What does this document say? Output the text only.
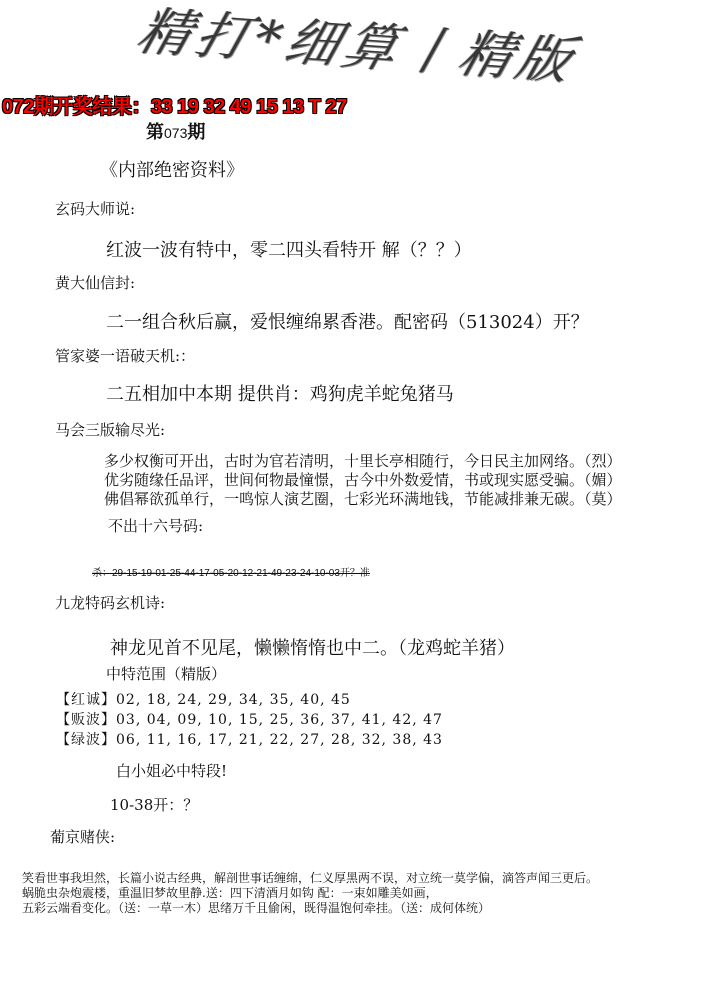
精打*细算丨精版
072期开奖结果：33 19 32 49 15 13 T 27
第073期
《内部绝密资料》
玄码大师说:
红波一波有特中，零二四头看特开 解（？？）
黄大仙信封:
二一组合秋后赢，爱恨缠绵累香港。配密码（513024）开？
管家婆一语破天机:：
二五相加中本期 提供肖：鸡狗虎羊蛇兔猪马
马会三版输尽光:
多少权衡可开出，古时为官若清明，十里长亭相随行，今日民主加网络。（烈）
优劣随缘任品评，世间何物最憧憬，古今中外数爱情，书或现实愿受骗。（媚）
佛倡幂欲孤单行，一鸣惊人演艺圈，七彩光环满地钱，节能减排兼无碳。（莫）
不出十六号码:
杀：29-15-19-01-25-44-17-05-20-12-21-49-23-24-10-03开？准
九龙特码玄机诗:
神龙见首不见尾，懒懒惰惰也中二。（龙鸡蛇羊猪）
中特范围（精版）
【红诚】02, 18, 24, 29, 34, 35, 40, 45
【贩波】03, 04, 09, 10, 15, 25, 36, 37, 41, 42, 47
【绿波】06, 11, 16, 17, 21, 22, 27, 28, 32, 38, 43
白小姐必中特段!
10-38开：？
葡京赌侠:
笑看世事我坦然，长篇小说古经典，解剖世事话缠绵，仁义厚黑两不误，对立统一莫学偏，滴答声闻三更后。
蜗脆虫杂炮震楼，重温旧梦故里静.送：四下清酒月如钩 配：一束如雕美如画，
五彩云端看变化。（送：一草一木）思绪万千且偷闲，既得温饱何牵挂。（送：成何体统）
